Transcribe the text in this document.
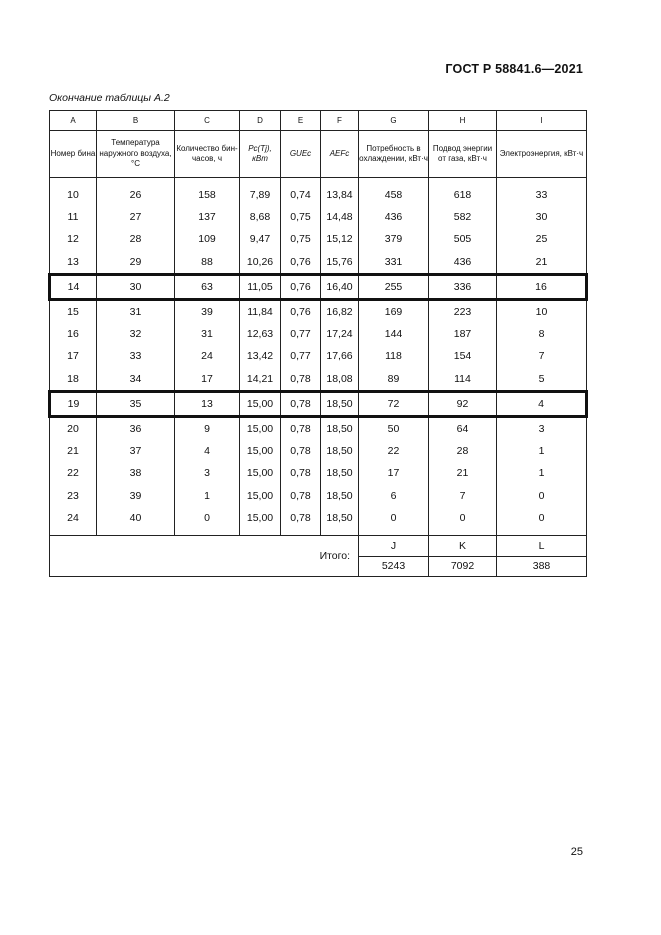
ГОСТ Р 58841.6—2021
Окончание таблицы А.2
A	B	C	D	E	F	G	H	I
Номер бина	Температура наружного воздуха, °С	Количество бин-часов, ч	Pc(Tj), кВт	GUEc	AEFc	Потребность в охлаждении, кВт·ч	Подвод энергии от газа, кВт·ч	Электроэнергия, кВт·ч
10	26	158	7,89	0,74	13,84	458	618	33
11	27	137	8,68	0,75	14,48	436	582	30
12	28	109	9,47	0,75	15,12	379	505	25
13	29	88	10,26	0,76	15,76	331	436	21
14	30	63	11,05	0,76	16,40	255	336	16
15	31	39	11,84	0,76	16,82	169	223	10
16	32	31	12,63	0,77	17,24	144	187	8
17	33	24	13,42	0,77	17,66	118	154	7
18	34	17	14,21	0,78	18,08	89	114	5
19	35	13	15,00	0,78	18,50	72	92	4
20	36	9	15,00	0,78	18,50	50	64	3
21	37	4	15,00	0,78	18,50	22	28	1
22	38	3	15,00	0,78	18,50	17	21	1
23	39	1	15,00	0,78	18,50	6	7	0
24	40	0	15,00	0,78	18,50	0	0	0
Итого:						J	K	L
						5243	7092	388
25
